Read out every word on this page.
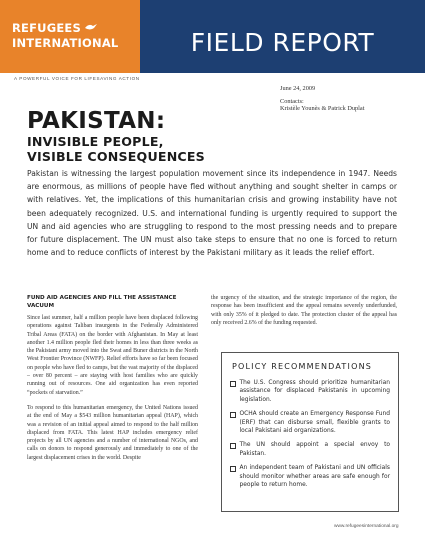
REFUGEES
INTERNATIONAL	FIELD REPORT
A POWERFUL VOICE FOR LIFESAVING ACTION
June 24, 2009
Contacts:
Kristèle Younès & Patrick Duplat
PAKISTAN:
INVISIBLE PEOPLE,
VISIBLE CONSEQUENCES

Pakistan is witnessing the largest population movement since its independence in 1947. Needs are enormous, as millions of people have fled without anything and sought shelter in camps or with relatives. Yet, the implications of this humanitarian crisis and growing instability have not been adequately recognized. U.S. and international funding is urgently required to support the UN and aid agencies who are struggling to respond to the most pressing needs and to prepare for future displacement. The UN must also take steps to ensure that no one is forced to return home and to reduce conflicts of interest by the Pakistani military as it leads the relief effort.

FUND AID AGENCIES AND FILL THE ASSISTANCE VACUUM

Since last summer, half a million people have been displaced following operations against Taliban insurgents in the Federally Administered Tribal Areas (FATA) on the border with Afghanistan. In May at least another 1.4 million people fled their homes in less than three weeks as the Pakistani army moved into the Swat and Buner districts in the North West Frontier Province (NWFP). Relief efforts have so far been focused on people who have fled to camps, but the vast majority of the displaced – over 80 percent – are staying with host families who are quickly running out of resources. One aid organization has even reported “pockets of starvation.”

To respond to this humanitarian emergency, the United Nations issued at the end of May a $543 million humanitarian appeal (HAP), which was a revision of an initial appeal aimed to respond to the half million displaced from FATA. This latest HAP includes emergency relief projects by all UN agencies and a number of international NGOs, and calls on donors to respond generously and immediately to one of the largest displacement crises in the world. Despite

the urgency of the situation, and the strategic importance of the region, the response has been insufficient and the appeal remains severely underfunded, with only 35% of it pledged to date. The protection cluster of the appeal has only received 2.6% of the funding requested.
POLICY RECOMMENDATIONS
The U.S. Congress should prioritize humanitarian assistance for displaced Pakistanis in upcoming legislation.
OCHA should create an Emergency Response Fund (ERF) that can disburse small, flexible grants to local Pakistani aid organizations.
The UN should appoint a special envoy to Pakistan.
An independent team of Pakistani and UN officials should monitor whether areas are safe enough for people to return home.
www.refugeesinternational.org
